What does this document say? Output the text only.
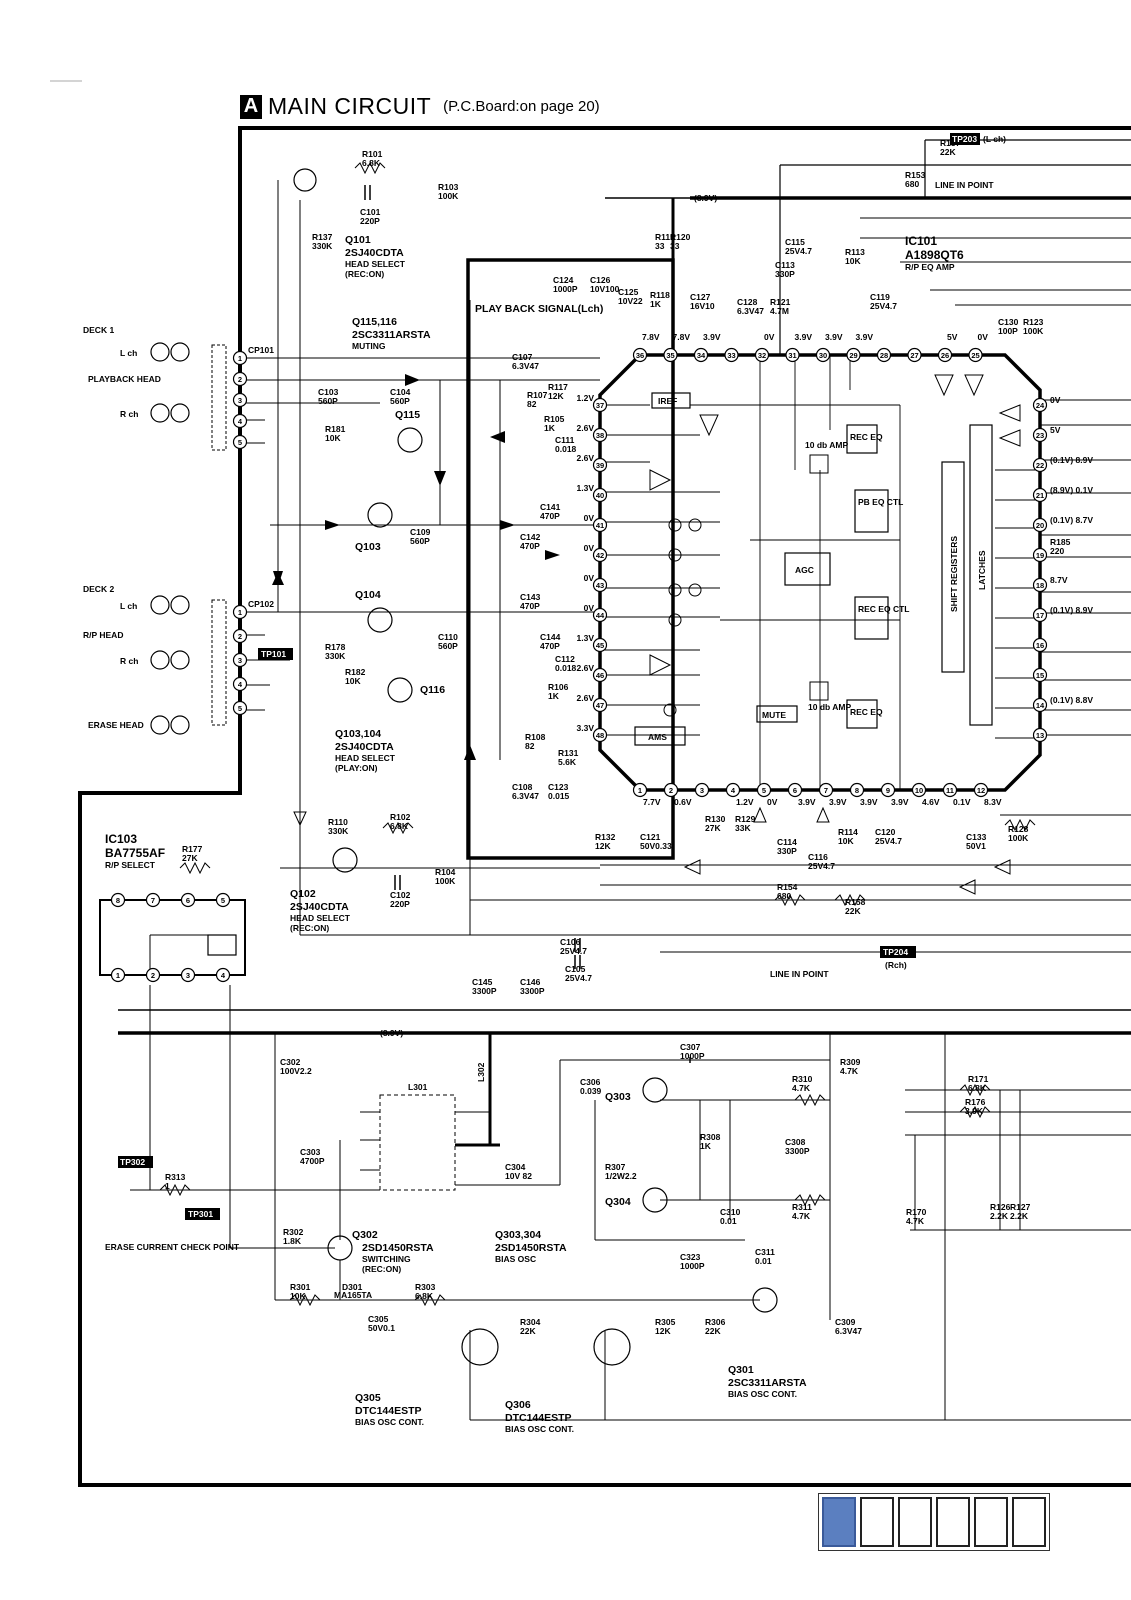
36
7.8V
35
7.8V
34
3.9V
33	32
0V
31
3.9V
30
3.9V
29
3.9V
28	27	26
5V
25
0V
37
1.2V
38
2.6V
39
2.6V
40
1.3V
41
0V
42
0V
43
0V
44
0V
45
1.3V
46
2.6V
47
2.6V
48
3.3V
1
7.7V
2
0.6V
3	4
1.2V
5
0V
6
3.9V
7
3.9V
8
3.9V
9
3.9V
10
4.6V
11
0.1V
12
8.3V
24
0V
23
5V
22
(0.1V) 8.9V
21
(8.9V) 0.1V
20
(0.1V) 8.7V
19
18
8.7V
17
(0.1V) 8.9V
16
15
14
(0.1V) 8.8V
13
8	7	6	5
1	2	3	4
1
1
2
2
3
3
4
4
5
5
R101
6.8K
C101
220P
R103
100K
R137
330K
R181
10K
C103
560P
C104
560P
C109
560P
C110
560P
R178
330K
R182
10K
R110
330K
R102
6.8K
C102
220P
R104
100K
R177
27K
R157
22K
R153
680
R119
33
R120
33	C115
25V4.7
C113
330P
R113
10K
C119
25V4.7
C124
1000P
C126
10V100
C125
10V22
R118
1K
C127
16V10	C128
6.3V47
R121
4.7M
C130
100P
R123
100K
C107
6.3V47
R107
82
R117
12K
R105
1K
C111
0.018
C141
470P
C142
470P
C143
470P
C144
470P
C112
0.018
R106
1K
R108
82
R131
5.6K
C108
6.3V47
C123
0.015
R132
12K
C121
50V0.33
R130
27K
R129
33K
C114
330P
C116
25V4.7
R114
10K
C120
25V4.7	C133
50V1
R128
100K
R185
220
R154
680
R158
22K
C106
25V4.7
C105
25V4.7
C145
3300P
C146
3300P
C302
100V2.2
C303
4700P
C304
10V 82
C306
0.039
C307
1000P
R309
4.7K
R310
4.7K
R307
1/2W2.2
R308
1K	C308
3300P
C310
0.01
C311
0.01
R311
4.7K
C323
1000P
R313
1
R302
1.8K
R301
10K
R303
6.8K
C305
50V0.1
R304
22K
R305
12K
R306
22K
C309
6.3V47
R171
6.8K
R176
3.9K
R170
4.7K
R126
2.2K
R127
2.2K
Q101
2SJ40CDTA
HEAD SELECT
(REC:ON)
Q115,116
2SC3311ARSTA
MUTING
Q115
Q103
Q104
Q116
Q103,104
2SJ40CDTA
HEAD SELECT
(PLAY:ON)
Q102
2SJ40CDTA
HEAD SELECT
(REC:ON)
IC101
A1898QT6
R/P EQ AMP
IC103
BA7755AF
R/P SELECT
Q302
2SD1450RSTA
SWITCHING
(REC:ON)
Q303,304
2SD1450RSTA
BIAS OSC
Q303
Q304
Q301
2SC3311ARSTA
BIAS OSC CONT.
Q305
DTC144ESTP
BIAS OSC CONT.
Q306
DTC144ESTP
BIAS OSC CONT.
DECK 1
DECK 2
L ch
R ch
L ch
R ch
PLAYBACK HEAD
R/P HEAD
ERASE HEAD
CP101
CP102
TP101
TP203 (L ch)
TP204
(Rch)
TP301
TP302
LINE IN POINT
LINE IN POINT
PLAY BACK SIGNAL(Lch)
ERASE CURRENT CHECK POINT
IREF
AGC
MUTE
AMS
PB EQ CTL
REC EQ CTL
REC EQ
REC EQ
10 db AMP
10 db AMP
SHIFT REGISTERS LATCHES
(8.9V)
(8.9V)
L301
L302
D301
MA165TA
A MAIN CIRCUIT (P.C.Board:on page 20)
